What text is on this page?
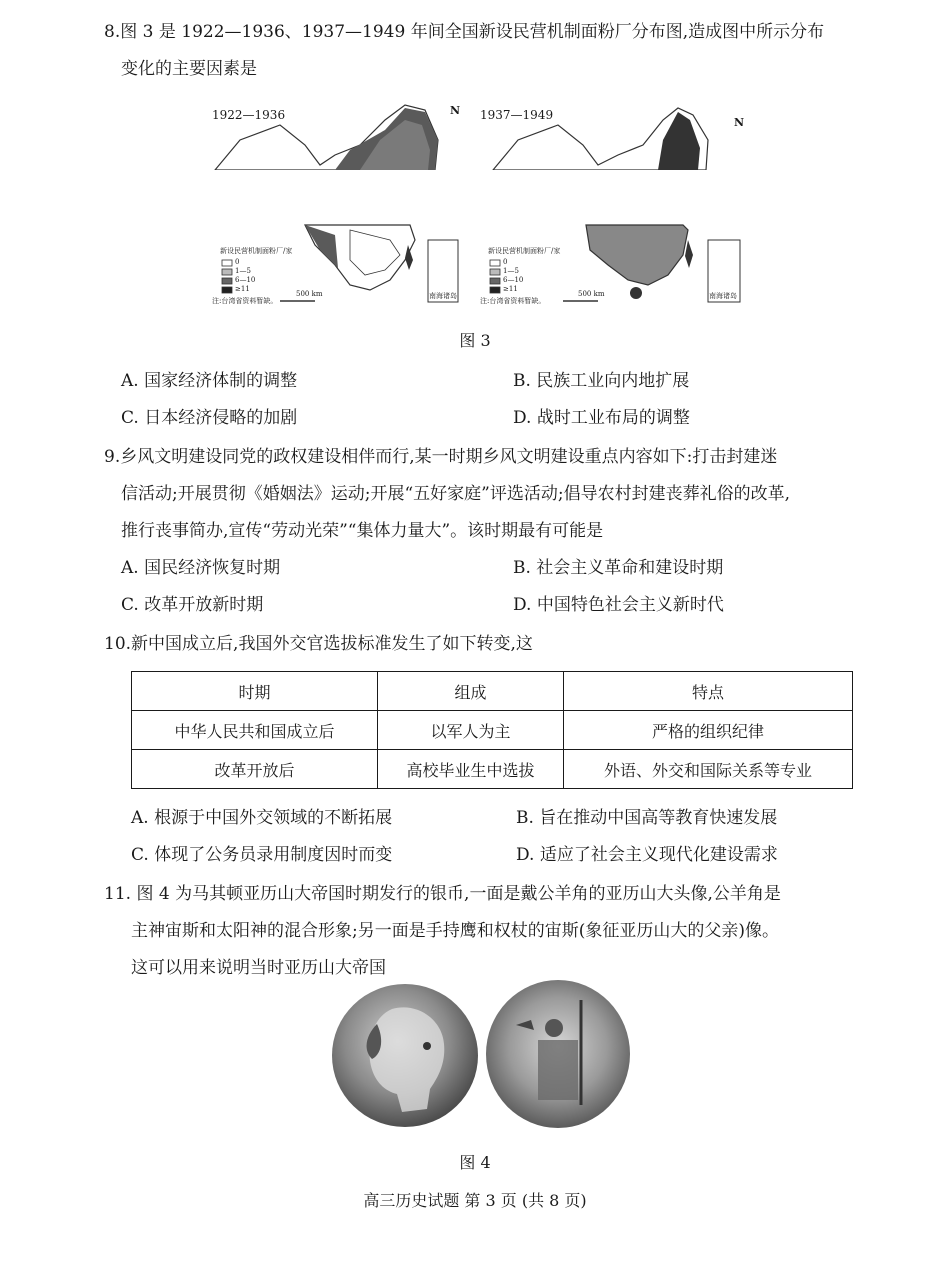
8.图 3 是 1922—1936、1937—1949 年间全国新设民营机制面粉厂分布图,造成图中所示分布
变化的主要因素是
1922—1936	N
新设民营机制面粉厂/家
0
1—5
6—10
≥11
注:台湾省资料暂缺。
500 km	南海诸岛
1937—1949
N
新设民营机制面粉厂/家
0
1—5
6—10
≥11
注:台湾省资料暂缺。
500 km	南海诸岛
图 3
A. 国家经济体制的调整	B. 民族工业向内地扩展
C. 日本经济侵略的加剧	D. 战时工业布局的调整
9.乡风文明建设同党的政权建设相伴而行,某一时期乡风文明建设重点内容如下:打击封建迷
信活动;开展贯彻《婚姻法》运动;开展“五好家庭”评选活动;倡导农村封建丧葬礼俗的改革,
推行丧事简办,宣传“劳动光荣”“集体力量大”。该时期最有可能是
A. 国民经济恢复时期	B. 社会主义革命和建设时期
C. 改革开放新时期	D. 中国特色社会主义新时代
10.新中国成立后,我国外交官选拔标准发生了如下转变,这
时期	组成	特点
中华人民共和国成立后	以军人为主	严格的组织纪律
改革开放后	高校毕业生中选拔	外语、外交和国际关系等专业
A. 根源于中国外交领域的不断拓展	B. 旨在推动中国高等教育快速发展
C. 体现了公务员录用制度因时而变	D. 适应了社会主义现代化建设需求
11. 图 4 为马其顿亚历山大帝国时期发行的银币,一面是戴公羊角的亚历山大头像,公羊角是
主神宙斯和太阳神的混合形象;另一面是手持鹰和权杖的宙斯(象征亚历山大的父亲)像。
这可以用来说明当时亚历山大帝国
图 4
高三历史试题 第 3 页 (共 8 页)
